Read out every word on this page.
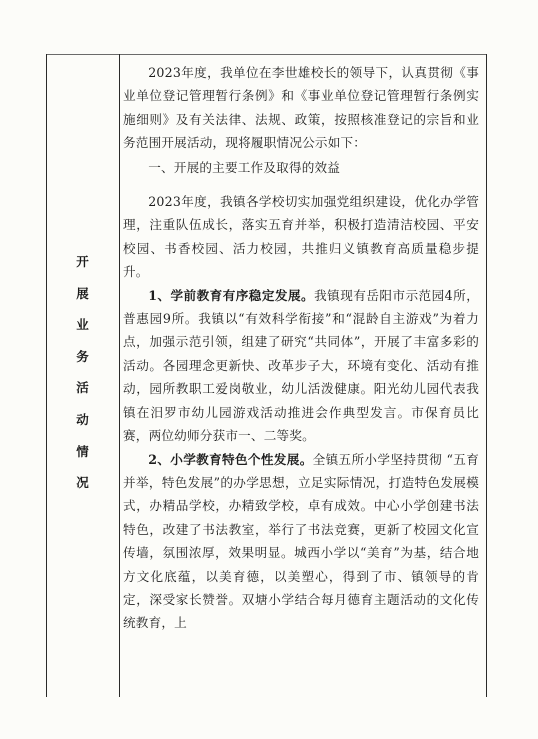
开
展
业
务
活
动
情
况

2023年度，我单位在李世雄校长的领导下，认真贯彻《事业单位登记管理暂行条例》和《事业单位登记管理暂行条例实施细则》及有关法律、法规、政策，按照核准登记的宗旨和业务范围开展活动，现将履职情况公示如下：

一、开展的主要工作及取得的效益

2023年度，我镇各学校切实加强党组织建设，优化办学管理，注重队伍成长，落实五育并举，积极打造清洁校园、平安校园、书香校园、活力校园，共推归义镇教育高质量稳步提升。

1、学前教育有序稳定发展。我镇现有岳阳市示范园4所，普惠园9所。我镇以“有效科学衔接”和“混龄自主游戏”为着力点，加强示范引领，组建了研究“共同体”，开展了丰富多彩的活动。各园理念更新快、改革步子大，环境有变化、活动有推动，园所教职工爱岗敬业，幼儿活泼健康。阳光幼儿园代表我镇在汨罗市幼儿园游戏活动推进会作典型发言。市保育员比赛，两位幼师分获市一、二等奖。

2、小学教育特色个性发展。全镇五所小学坚持贯彻 “五育并举，特色发展”的办学思想，立足实际情况，打造特色发展模式，办精品学校，办精致学校，卓有成效。中心小学创建书法特色，改建了书法教室，举行了书法竞赛，更新了校园文化宣传墙，氛围浓厚，效果明显。城西小学以“美育”为基，结合地方文化底蕴，以美育德，以美塑心，得到了市、镇领导的肯定，深受家长赞誉。双塘小学结合每月德育主题活动的文化传统教育，上
